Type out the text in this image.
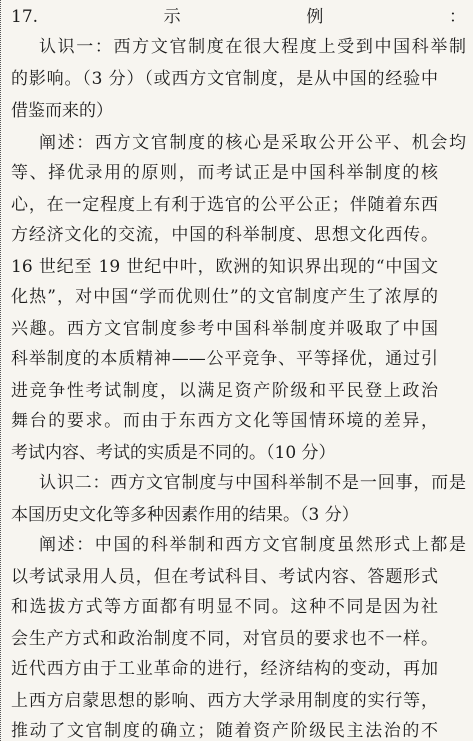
17.示例：
认识一：西方文官制度在很大程度上受到中国科举制
的影响。（3 分）（或西方文官制度，是从中国的经验中
借鉴而来的）
阐述：西方文官制度的核心是采取公开公平、机会均
等、择优录用的原则，而考试正是中国科举制度的核
心，在一定程度上有利于选官的公平公正；伴随着东西
方经济文化的交流，中国的科举制度、思想文化西传。
16 世纪至 19 世纪中叶，欧洲的知识界出现的“中国文
化热”，对中国“学而优则仕”的文官制度产生了浓厚的
兴趣。西方文官制度参考中国科举制度并吸取了中国
科举制度的本质精神——公平竞争、平等择优，通过引
进竞争性考试制度，以满足资产阶级和平民登上政治
舞台的要求。而由于东西方文化等国情环境的差异，
考试内容、考试的实质是不同的。（10 分）
认识二：西方文官制度与中国科举制不是一回事，而是
本国历史文化等多种因素作用的结果。（3 分）
阐述：中国的科举制和西方文官制度虽然形式上都是
以考试录用人员，但在考试科目、考试内容、答题形式
和选拔方式等方面都有明显不同。这种不同是因为社
会生产方式和政治制度不同，对官员的要求也不一样。
近代西方由于工业革命的进行，经济结构的变动，再加
上西方启蒙思想的影响、西方大学录用制度的实行等，
推动了文官制度的确立；随着资产阶级民主法治的不
